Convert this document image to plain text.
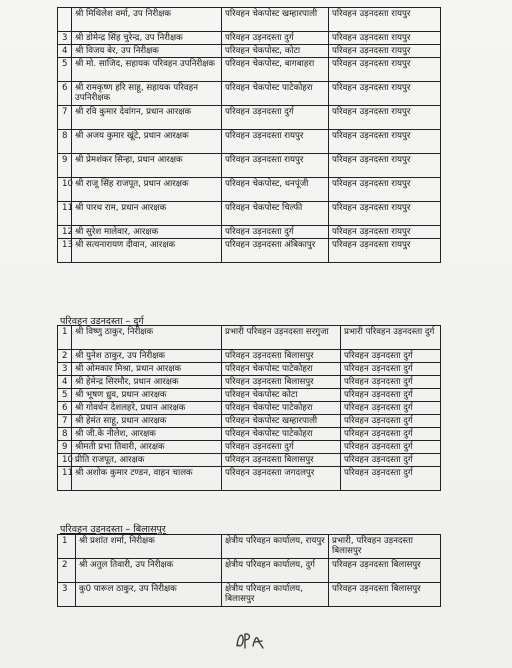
	श्री मिथिलेश वर्मा, उप निरीक्षक	परिवहन चेकपोस्ट खम्हारपाली	परिवहन उड़नदस्ता रायपुर
3	श्री डोमेन्द्र सिंह चुरेन्द्र, उप निरीक्षक	परिवहन उड़नदस्ता दुर्ग	परिवहन उड़नदस्ता रायपुर
4	श्री विजय बेर, उप निरीक्षक	परिवहन चेकपोस्ट, कोटा	परिवहन उड़नदस्ता रायपुर
5	श्री मो. साजिद, सहायक परिवहन उपनिरीक्षक	परिवहन चेकपोस्ट, बागबाहरा	परिवहन उड़नदस्ता रायपुर
6	श्री रामकृष्ण हरि साहू, सहायक परिवहन उपनिरीक्षक	परिवहन चेकपोस्ट पाटेकोहरा	परिवहन उड़नदस्ता रायपुर
7	श्री रवि कुमार देवांगन, प्रधान आरक्षक	परिवहन उड़नदस्ता दुर्ग	परिवहन उड़नदस्ता रायपुर
8	श्री अजय कुमार खूंटे, प्रधान आरक्षक	परिवहन उड़नदस्ता रायपुर	परिवहन उड़नदस्ता रायपुर
9	श्री प्रेमशंकर सिन्हा, प्रधान आरक्षक	परिवहन उड़नदस्ता रायपुर	परिवहन उड़नदस्ता रायपुर
10	श्री राजू सिंह राजपूत, प्रधान आरक्षक	परिवहन चेकपोस्ट, धनपूंजी	परिवहन उड़नदस्ता रायपुर
11	श्री पारथ राम, प्रधान आरक्षक	परिवहन चेकपोस्ट चिल्फी	परिवहन उड़नदस्ता रायपुर
12	श्री सुरेश मालेवार, आरक्षक	परिवहन उड़नदस्ता दुर्ग	परिवहन उड़नदस्ता रायपुर
13	श्री सत्यनारायण दीवान, आरक्षक	परिवहन उड़नदस्ता अंबिकापुर	परिवहन उड़नदस्ता रायपुर
परिवहन उड़नदस्ता – दुर्ग
1	श्री विष्णु ठाकुर, निरीक्षक	प्रभारी परिवहन उड़नदस्ता सरगुजा	प्रभारी परिवहन उड़नदस्ता दुर्ग
2	श्री युनेश ठाकुर, उप निरीक्षक	परिवहन उड़नदस्ता बिलासपुर	परिवहन उड़नदस्ता दुर्ग
3	श्री ओमकार मिश्रा, प्रधान आरक्षक	परिवहन चेकपोस्ट पाटेकोहरा	परिवहन उड़नदस्ता दुर्ग
4	श्री हेमेन्द्र सिरमौर, प्रधान आरक्षक	परिवहन उड़नदस्ता बिलासपुर	परिवहन उड़नदस्ता दुर्ग
5	श्री भूषण ध्रुव, प्रधान आरक्षक	परिवहन चेकपोस्ट कोटा	परिवहन उड़नदस्ता दुर्ग
6	श्री गोवर्धन देशलहरे, प्रधान आरक्षक	परिवहन चेकपोस्ट पाटेकोहरा	परिवहन उड़नदस्ता दुर्ग
7	श्री हेमंत साहू, प्रधान आरक्षक	परिवहन चेकपोस्ट खम्हारपाली	परिवहन उड़नदस्ता दुर्ग
8	श्री जी.के नीलेश, आरक्षक	परिवहन चेकपोस्ट पाटेकोहरा	परिवहन उड़नदस्ता दुर्ग
9	श्रीमती प्रभा तिवारी, आरक्षक	परिवहन उड़नदस्ता दुर्ग	परिवहन उड़नदस्ता दुर्ग
10	प्रीति राजपूत, आरक्षक	परिवहन उड़नदस्ता बिलासपुर	परिवहन उड़नदस्ता दुर्ग
11	श्री अशोक कुमार टण्डन, वाहन चालक	परिवहन उड़नदस्ता जगदलपुर	परिवहन उड़नदस्ता दुर्ग
परिवहन उड़नदस्ता – बिलासपुर
1	श्री प्रशांत शर्मा, निरीक्षक	क्षेत्रीय परिवहन कार्यालय, रायपुर	प्रभारी, परिवहन उड़नदस्ता बिलासपुर
2	श्री अतुल तिवारी, उप निरीक्षक	क्षेत्रीय परिवहन कार्यालय, दुर्ग	परिवहन उड़नदस्ता बिलासपुर
3	कु0 पारूल ठाकुर, उप निरीक्षक	क्षेत्रीय परिवहन कार्यालय, बिलासपुर	परिवहन उड़नदस्ता बिलासपुर
